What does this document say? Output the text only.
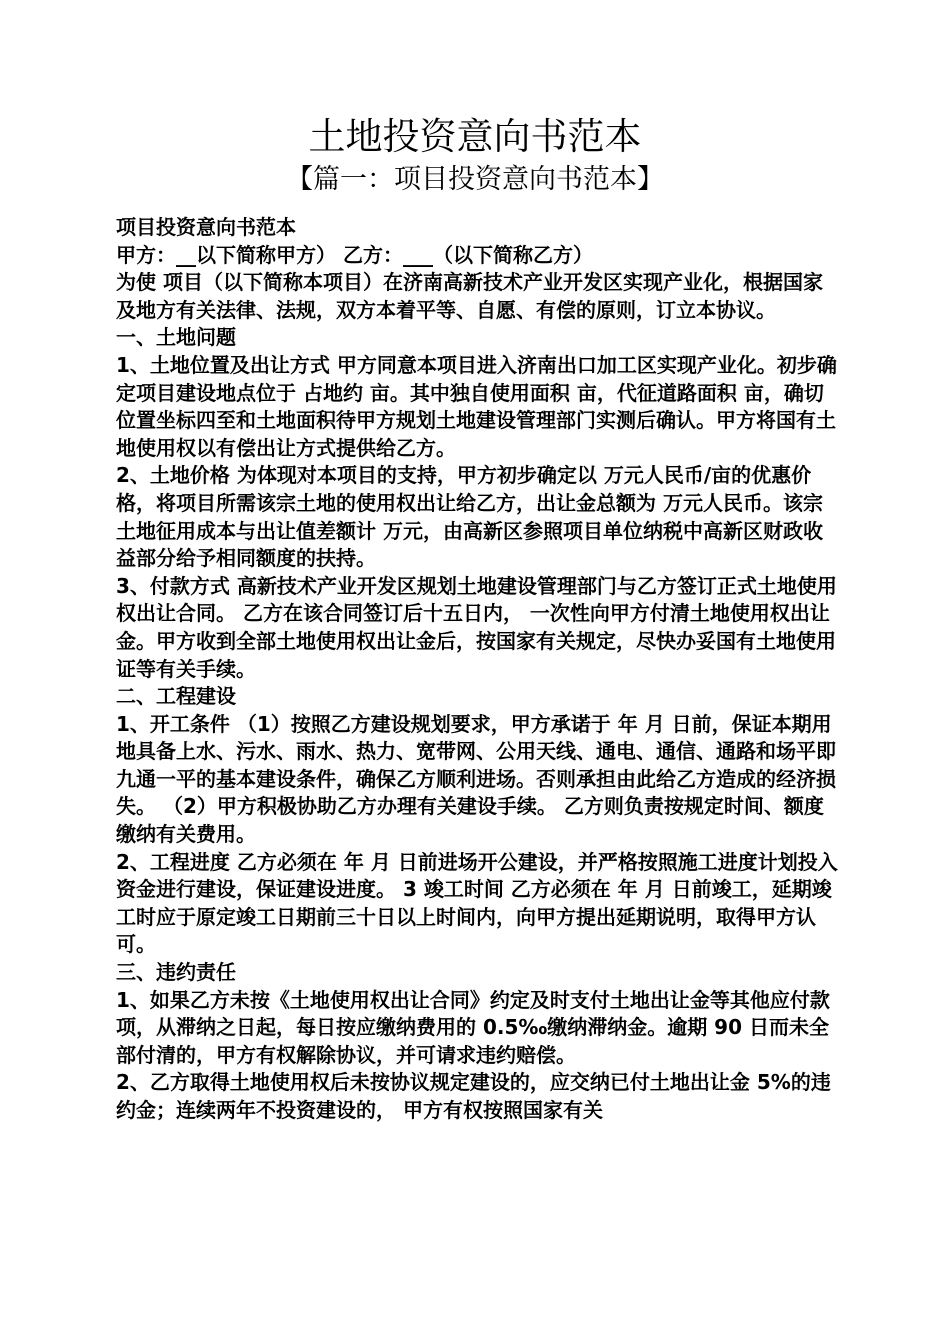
土地投资意向书范本
【篇一：项目投资意向书范本】

项目投资意向书范本

甲方：__以下简称甲方） 乙方：___（以下简称乙方）

为使 项目（以下简称本项目）在济南高新技术产业开发区实现产业化，根据国家及地方有关法律、法规，双方本着平等、自愿、有偿的原则，订立本协议。

一、土地问题

1、土地位置及出让方式 甲方同意本项目进入济南出口加工区实现产业化。初步确定项目建设地点位于 占地约 亩。其中独自使用面积 亩，代征道路面积 亩，确切位置坐标四至和土地面积待甲方规划土地建设管理部门实测后确认。甲方将国有土地使用权以有偿出让方式提供给乙方。

2、土地价格 为体现对本项目的支持，甲方初步确定以 万元人民币/亩的优惠价格，将项目所需该宗土地的使用权出让给乙方，出让金总额为 万元人民币。该宗土地征用成本与出让值差额计 万元，由高新区参照项目单位纳税中高新区财政收益部分给予相同额度的扶持。

3、付款方式 高新技术产业开发区规划土地建设管理部门与乙方签订正式土地使用权出让合同。 乙方在该合同签订后十五日内， 一次性向甲方付清土地使用权出让金。甲方收到全部土地使用权出让金后，按国家有关规定，尽快办妥国有土地使用证等有关手续。

二、工程建设

1、开工条件 （1）按照乙方建设规划要求，甲方承诺于 年 月 日前，保证本期用地具备上水、污水、雨水、热力、宽带网、公用天线、通电、通信、通路和场平即九通一平的基本建设条件，确保乙方顺利进场。否则承担由此给乙方造成的经济损失。 （2）甲方积极协助乙方办理有关建设手续。 乙方则负责按规定时间、额度缴纳有关费用。

2、工程进度 乙方必须在 年 月 日前进场开公建设，并严格按照施工进度计划投入资金进行建设，保证建设进度。 3 竣工时间 乙方必须在 年 月 日前竣工，延期竣工时应于原定竣工日期前三十日以上时间内，向甲方提出延期说明，取得甲方认可。

三、违约责任

1、如果乙方未按《土地使用权出让合同》约定及时支付土地出让金等其他应付款项，从滞纳之日起，每日按应缴纳费用的 0.5‰缴纳滞纳金。逾期 90 日而未全部付清的，甲方有权解除协议，并可请求违约赔偿。

2、乙方取得土地使用权后未按协议规定建设的，应交纳已付土地出让金 5%的违约金；连续两年不投资建设的， 甲方有权按照国家有关
